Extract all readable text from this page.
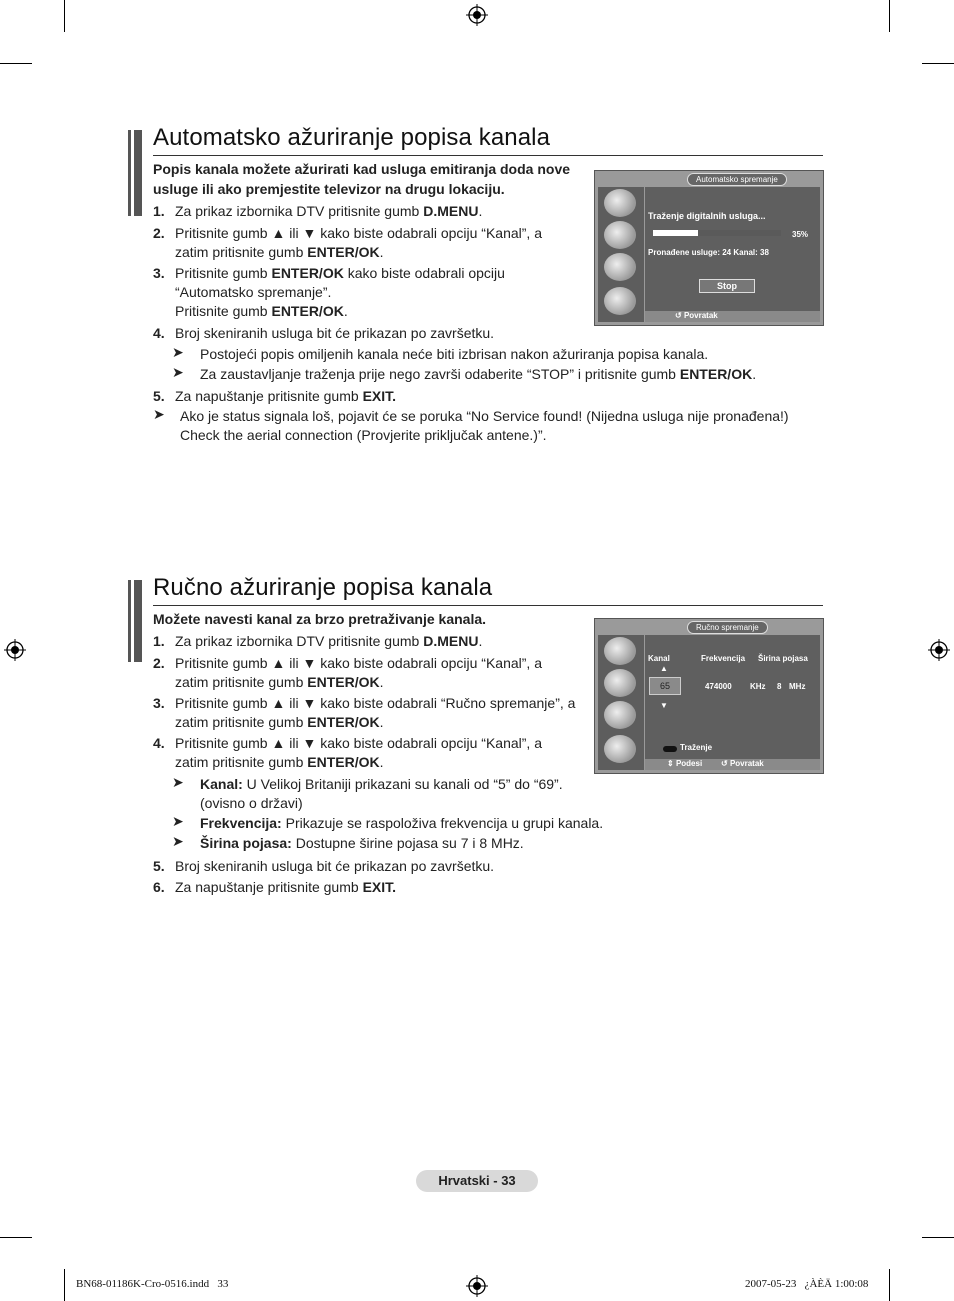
Automatsko ažuriranje popisa kanala
Popis kanala možete ažurirati kad usluga emitiranja doda nove
usluge ili ako premjestite televizor na drugu lokaciju.
1. Za prikaz izbornika DTV pritisnite gumb D.MENU.
2. Pritisnite gumb ▲ ili ▼ kako biste odabrali opciju “Kanal”, a
zatim pritisnite gumb ENTER/OK.
3. Pritisnite gumb ENTER/OK kako biste odabrali opciju
“Automatsko spremanje”.
Pritisnite gumb ENTER/OK.
4. Broj skeniranih usluga bit će prikazan po završetku.
➤ Postojeći popis omiljenih kanala neće biti izbrisan nakon ažuriranja popisa kanala.
➤ Za zaustavljanje traženja prije nego završi odaberite “STOP” i pritisnite gumb ENTER/OK.
5. Za napuštanje pritisnite gumb EXIT.
➤ Ako je status signala loš, pojavit će se poruka “No Service found! (Nijedna usluga nije pronađena!)
Check the aerial connection (Provjerite priključak antene.)”.
Automatsko spremanje
Traženje digitalnih usluga...
35%
Pronađene usluge: 24 Kanal: 38
Stop
↺ Povratak
Ručno ažuriranje popisa kanala
Možete navesti kanal za brzo pretraživanje kanala.
1. Za prikaz izbornika DTV pritisnite gumb D.MENU.
2. Pritisnite gumb ▲ ili ▼ kako biste odabrali opciju “Kanal”, a
zatim pritisnite gumb ENTER/OK.
3. Pritisnite gumb ▲ ili ▼ kako biste odabrali “Ručno spremanje”, a
zatim pritisnite gumb ENTER/OK.
4. Pritisnite gumb ▲ ili ▼ kako biste odabrali opciju “Kanal”, a
zatim pritisnite gumb ENTER/OK.
➤ Kanal: U Velikoj Britaniji prikazani su kanali od “5” do “69”.
(ovisno o državi)
➤ Frekvencija: Prikazuje se raspoloživa frekvencija u grupi kanala.
➤ Širina pojasa: Dostupne širine pojasa su 7 i 8 MHz.
5. Broj skeniranih usluga bit će prikazan po završetku.
6. Za napuštanje pritisnite gumb EXIT.
Ručno spremanje
Kanal	Frekvencija Širina pojasa
▲
65
▼
474000 KHz 8 MHz
Traženje
⇕ Podesi ↺ Povratak
Hrvatski - 33
BN68-01186K-Cro-0516.indd   33	2007-05-23   ¿ÀÈÄ 1:00:08
